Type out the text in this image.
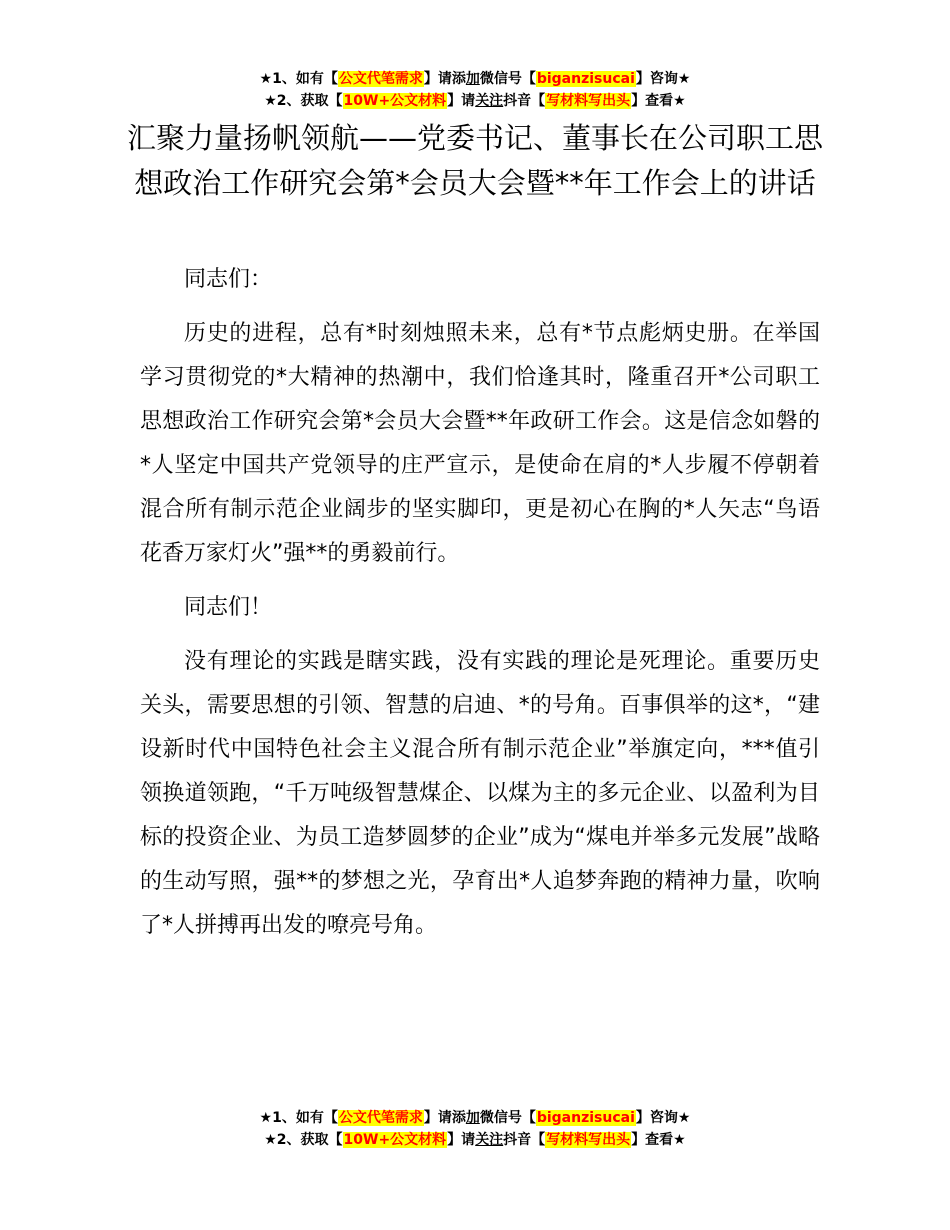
★1、如有【公文代笔需求】请添加微信号【biganzisucai】咨询★
★2、获取【10W+公文材料】请关注抖音【写材料写出头】查看★
汇聚力量扬帆领航——党委书记、董事长在公司职工思想政治工作研究会第*会员大会暨**年工作会上的讲话

同志们：

历史的进程，总有*时刻烛照未来，总有*节点彪炳史册。在举国学习贯彻党的*大精神的热潮中，我们恰逢其时，隆重召开*公司职工思想政治工作研究会第*会员大会暨**年政研工作会。这是信念如磐的*人坚定中国共产党领导的庄严宣示，是使命在肩的*人步履不停朝着混合所有制示范企业阔步的坚实脚印，更是初心在胸的*人矢志“鸟语花香万家灯火”强**的勇毅前行。

同志们！

没有理论的实践是瞎实践，没有实践的理论是死理论。重要历史关头，需要思想的引领、智慧的启迪、*的号角。百事俱举的这*，“建设新时代中国特色社会主义混合所有制示范企业”举旗定向，***值引领换道领跑，“千万吨级智慧煤企、以煤为主的多元企业、以盈利为目标的投资企业、为员工造梦圆梦的企业”成为“煤电并举多元发展”战略的生动写照，强**的梦想之光，孕育出*人追梦奔跑的精神力量，吹响了*人拼搏再出发的嘹亮号角。

★1、如有【公文代笔需求】请添加微信号【biganzisucai】咨询★
★2、获取【10W+公文材料】请关注抖音【写材料写出头】查看★
